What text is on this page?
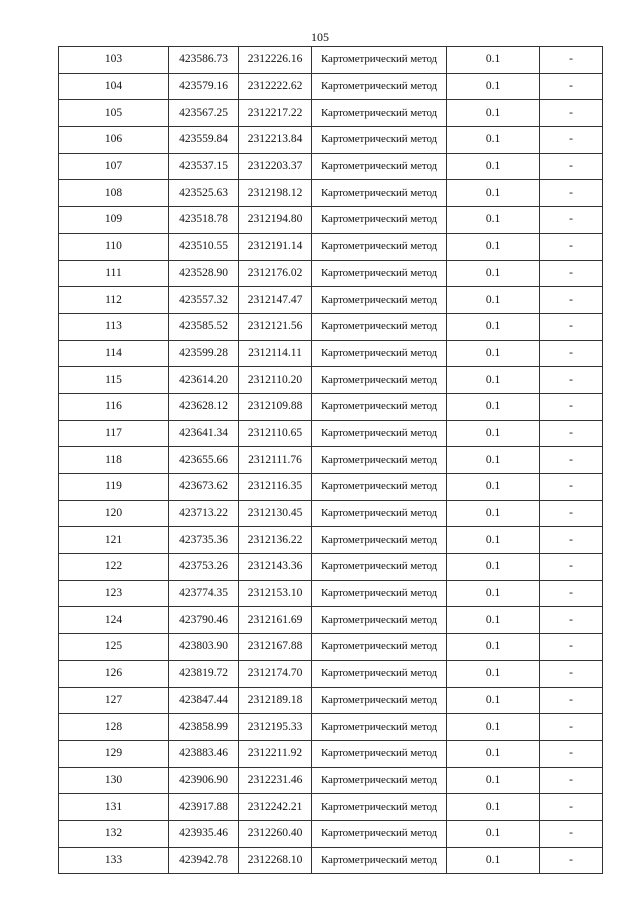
105
103	423586.73	2312226.16	Картометрический метод	0.1	-
104	423579.16	2312222.62	Картометрический метод	0.1	-
105	423567.25	2312217.22	Картометрический метод	0.1	-
106	423559.84	2312213.84	Картометрический метод	0.1	-
107	423537.15	2312203.37	Картометрический метод	0.1	-
108	423525.63	2312198.12	Картометрический метод	0.1	-
109	423518.78	2312194.80	Картометрический метод	0.1	-
110	423510.55	2312191.14	Картометрический метод	0.1	-
111	423528.90	2312176.02	Картометрический метод	0.1	-
112	423557.32	2312147.47	Картометрический метод	0.1	-
113	423585.52	2312121.56	Картометрический метод	0.1	-
114	423599.28	2312114.11	Картометрический метод	0.1	-
115	423614.20	2312110.20	Картометрический метод	0.1	-
116	423628.12	2312109.88	Картометрический метод	0.1	-
117	423641.34	2312110.65	Картометрический метод	0.1	-
118	423655.66	2312111.76	Картометрический метод	0.1	-
119	423673.62	2312116.35	Картометрический метод	0.1	-
120	423713.22	2312130.45	Картометрический метод	0.1	-
121	423735.36	2312136.22	Картометрический метод	0.1	-
122	423753.26	2312143.36	Картометрический метод	0.1	-
123	423774.35	2312153.10	Картометрический метод	0.1	-
124	423790.46	2312161.69	Картометрический метод	0.1	-
125	423803.90	2312167.88	Картометрический метод	0.1	-
126	423819.72	2312174.70	Картометрический метод	0.1	-
127	423847.44	2312189.18	Картометрический метод	0.1	-
128	423858.99	2312195.33	Картометрический метод	0.1	-
129	423883.46	2312211.92	Картометрический метод	0.1	-
130	423906.90	2312231.46	Картометрический метод	0.1	-
131	423917.88	2312242.21	Картометрический метод	0.1	-
132	423935.46	2312260.40	Картометрический метод	0.1	-
133	423942.78	2312268.10	Картометрический метод	0.1	-
